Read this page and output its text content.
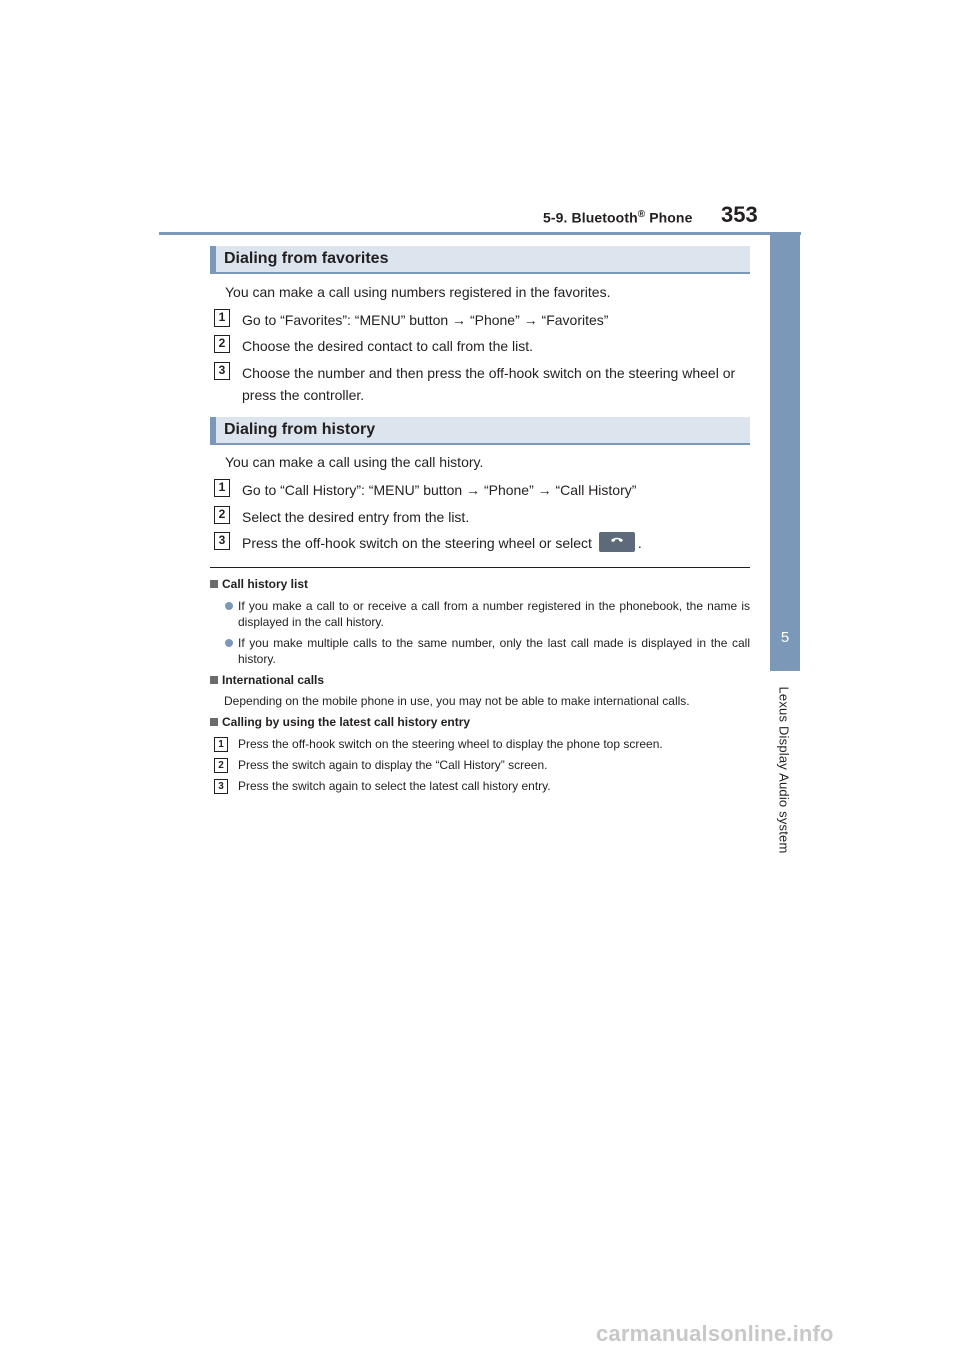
5-9. Bluetooth® Phone 353
5
Lexus Display Audio system
Dialing from favorites
You can make a call using numbers registered in the favorites.
1	Go to “Favorites”: “MENU” button → “Phone” → “Favorites”
2	Choose the desired contact to call from the list.
3	Choose the number and then press the off-hook switch on the steering wheel or press the controller.
Dialing from history
You can make a call using the call history.
1	Go to “Call History”: “MENU” button → “Phone” → “Call History”
2	Select the desired entry from the list.
3	Press the off-hook switch on the steering wheel or select	.
Call history list
If you make a call to or receive a call from a number registered in the phonebook, the name is displayed in the call history.
If you make multiple calls to the same number, only the last call made is displayed in the call history.
International calls
Depending on the mobile phone in use, you may not be able to make international calls.
Calling by using the latest call history entry
1	Press the off-hook switch on the steering wheel to display the phone top screen.
2	Press the switch again to display the “Call History” screen.
3	Press the switch again to select the latest call history entry.
carmanualsonline.info
